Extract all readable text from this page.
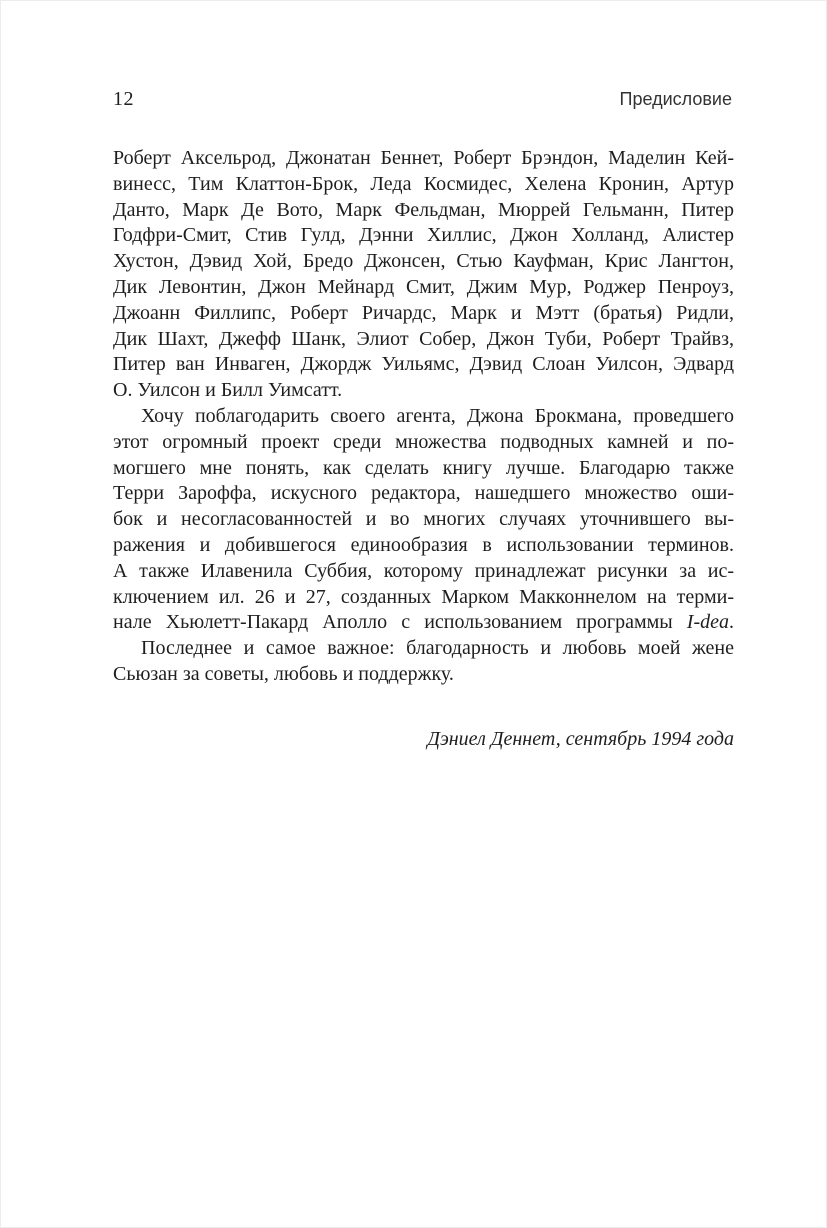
12	Предисловие
Роберт Аксельрод, Джонатан Беннет, Роберт Брэндон, Маделин Кей-
винесс, Тим Клаттон-Брок, Леда Космидес, Хелена Кронин, Артур
Данто, Марк Де Вото, Марк Фельдман, Мюррей Гельманн, Питер
Годфри-Смит, Стив Гулд, Дэнни Хиллис, Джон Холланд, Алистер
Хустон, Дэвид Хой, Бредо Джонсен, Стью Кауфман, Крис Лангтон,
Дик Левонтин, Джон Мейнард Смит, Джим Мур, Роджер Пенроуз,
Джоанн Филлипс, Роберт Ричардс, Марк и Мэтт (братья) Ридли,
Дик Шахт, Джефф Шанк, Элиот Собер, Джон Туби, Роберт Трайвз,
Питер ван Инваген, Джордж Уильямс, Дэвид Слоан Уилсон, Эдвард
О. Уилсон и Билл Уимсатт.
Хочу поблагодарить своего агента, Джона Брокмана, проведшего
этот огромный проект среди множества подводных камней и по-
могшего мне понять, как сделать книгу лучше. Благодарю также
Терри Зароффа, искусного редактора, нашедшего множество оши-
бок и несогласованностей и во многих случаях уточнившего вы-
ражения и добившегося единообразия в использовании терминов.
А также Илавенила Суббия, которому принадлежат рисунки за ис-
ключением ил. 26 и 27, созданных Марком Макконнелом на терми-
нале Хьюлетт-Пакард Аполло с использованием программы I-dea.
Последнее и самое важное: благодарность и любовь моей жене
Сьюзан за советы, любовь и поддержку.
Дэниел Деннет, сентябрь 1994 года
